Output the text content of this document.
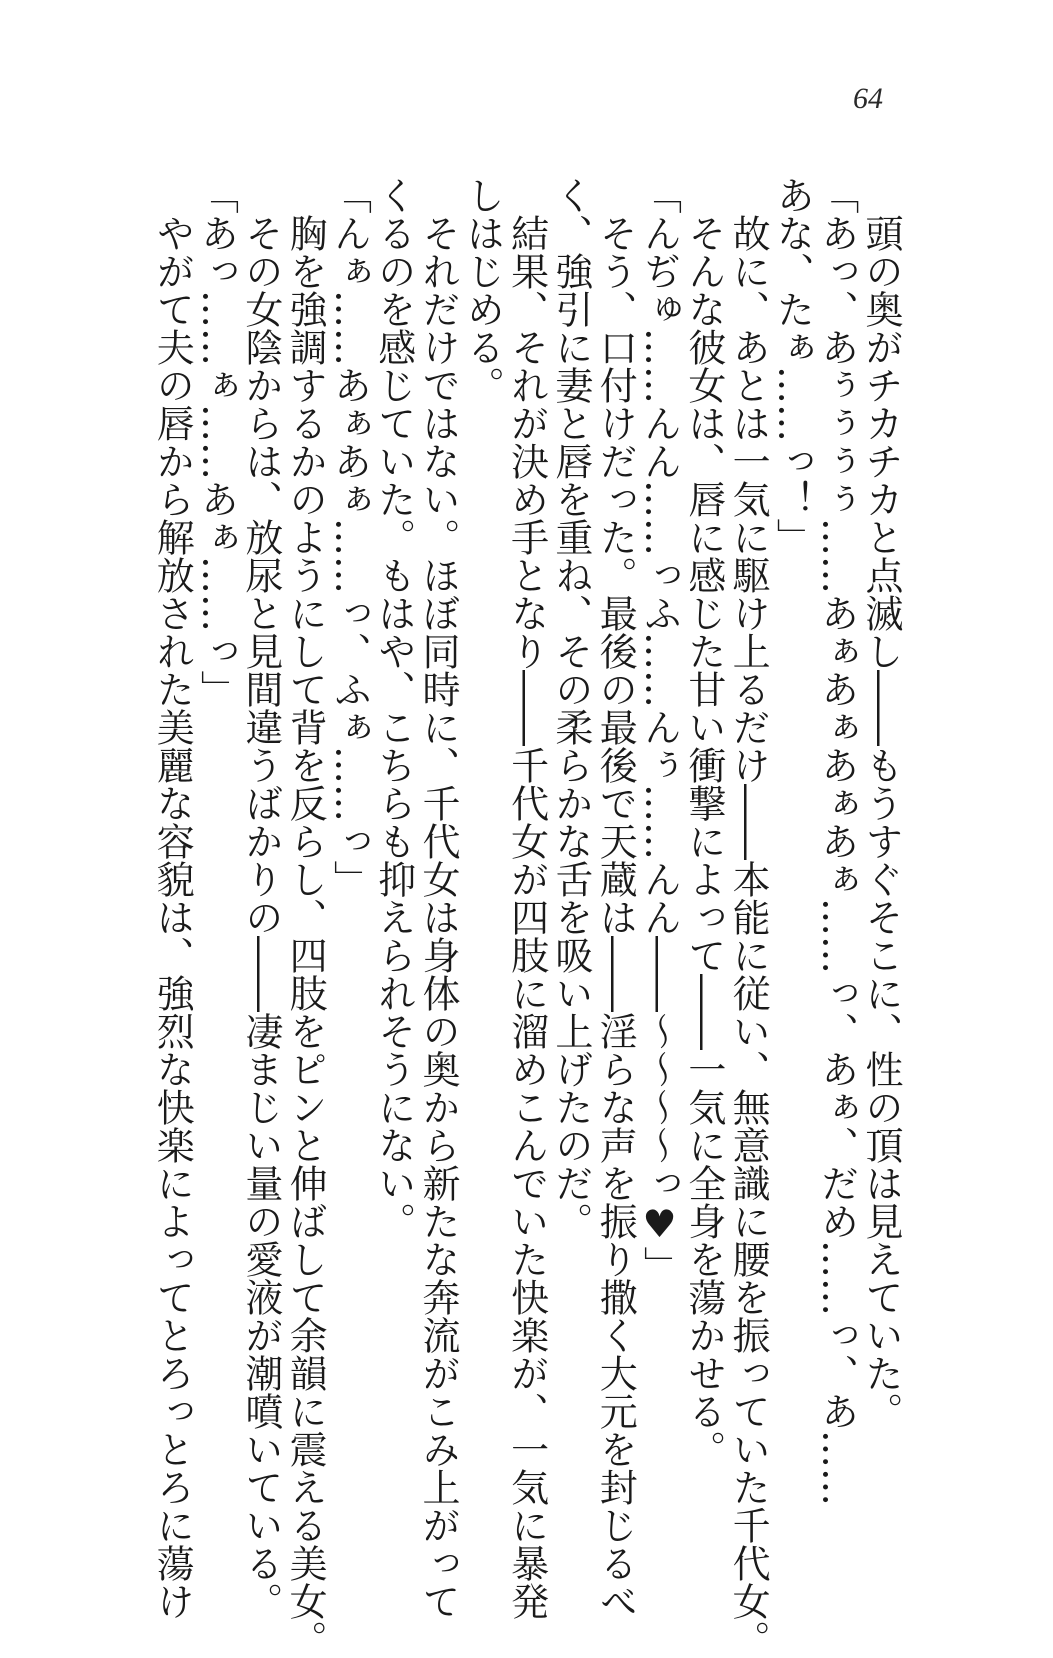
64
　頭の奥がチカチカと点滅し――もうすぐそこに、性の頂は見えていた。
「あっ、あぅぅぅぅ……あぁあぁあぁあぁ……っ、あぁ、だめ……っ、あ……
あな、たぁ……っ！」
　故に、あとは一気に駆け上るだけ――本能に従い、無意識に腰を振っていた千代女。
　そんな彼女は、唇に感じた甘い衝撃によって――一気に全身を蕩かせる。
「んぢゅ……んん……っふ……んぅ……んん――〜〜〜〜っ♥」
　そう、口付けだった。最後の最後で天蔵は――淫らな声を振り撒く大元を封じるべ
く、強引に妻と唇を重ね、その柔らかな舌を吸い上げたのだ。
　結果、それが決め手となり――千代女が四肢に溜めこんでいた快楽が、一気に暴発
しはじめる。
　それだけではない。ほぼ同時に、千代女は身体の奥から新たな奔流がこみ上がって
くるのを感じていた。もはや、こちらも抑えられそうにない。
「んぁ……あぁあぁ……っ、ふぁ……っ」
　胸を強調するかのようにして背を反らし、四肢をピンと伸ばして余韻に震える美女。
　その女陰からは、放尿と見間違うばかりの――凄まじい量の愛液が潮噴いている。
「あっ……ぁ……あぁ……っ」
　やがて夫の唇から解放された美麗な容貌は、強烈な快楽によってとろっとろに蕩け
